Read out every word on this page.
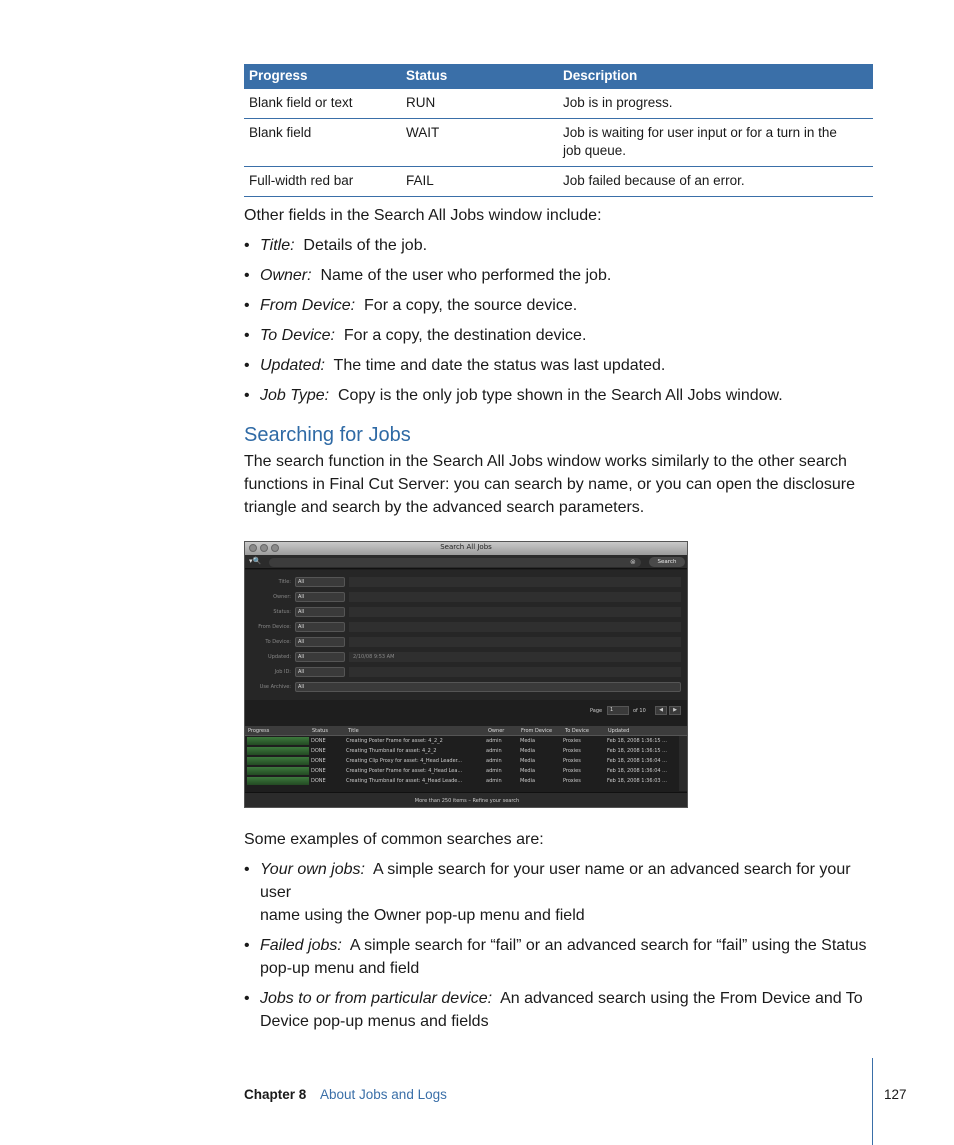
Progress	Status	Description
Blank field or text	RUN	Job is in progress.
Blank field	WAIT	Job is waiting for user input or for a turn in the job queue.
Full-width red bar	FAIL	Job failed because of an error.
Other fields in the Search All Jobs window include:
• Title: Details of the job.
• Owner: Name of the user who performed the job.
• From Device: For a copy, the source device.
• To Device: For a copy, the destination device.
• Updated: The time and date the status was last updated.
• Job Type: Copy is the only job type shown in the Search All Jobs window.
Searching for Jobs
The search function in the Search All Jobs window works similarly to the other search
functions in Final Cut Server: you can search by name, or you can open the disclosure
triangle and search by the advanced search parameters.
Search All Jobs
▾🔍	⊗	Search
Title:	All
Owner:	All
Status:	All
From Device:	All
To Device:	All
Updated:	All	2/10/08 9:53 AM
Job ID:	All
Use Archive:	All
Page	1	of 10	◀	▶
Progress	Status	Title	Owner	From Device	To Device	Updated
DONE	Creating Poster Frame for asset: 4_2_2	admin	Media	Proxies	Feb 18, 2008 1:36:15 ...
DONE	Creating Thumbnail for asset: 4_2_2	admin	Media	Proxies	Feb 18, 2008 1:36:15 ...
DONE	Creating Clip Proxy for asset: 4_Head Leader...	admin	Media	Proxies	Feb 18, 2008 1:36:04 ...
DONE	Creating Poster Frame for asset: 4_Head Lea...	admin	Media	Proxies	Feb 18, 2008 1:36:04 ...
DONE	Creating Thumbnail for asset: 4_Head Leade...	admin	Media	Proxies	Feb 18, 2008 1:36:03 ...
More than 250 items – Refine your search
Some examples of common searches are:
• Your own jobs: A simple search for your user name or an advanced search for your user
name using the Owner pop-up menu and field
• Failed jobs: A simple search for “fail” or an advanced search for “fail” using the Status
pop-up menu and field
• Jobs to or from particular device: An advanced search using the From Device and To
Device pop-up menus and fields
Chapter 8 About Jobs and Logs	127
